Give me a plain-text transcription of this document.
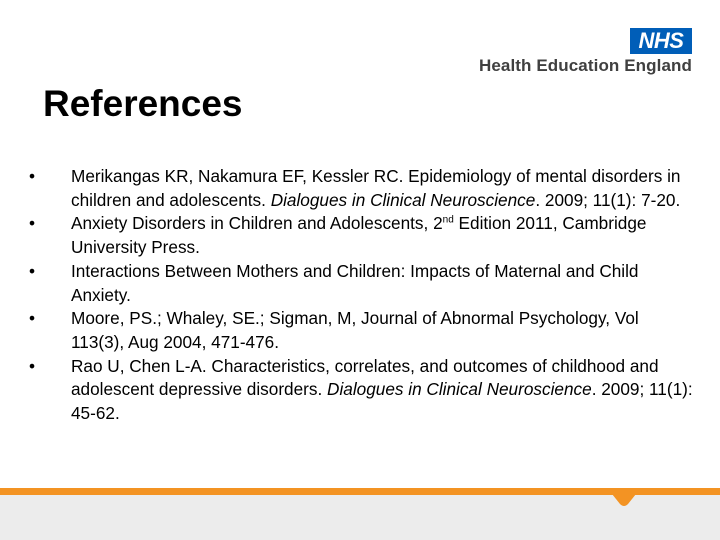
NHS
Health Education England
References
• Merikangas KR, Nakamura EF, Kessler RC. Epidemiology of mental disorders in children and adolescents. Dialogues in Clinical Neuroscience. 2009; 11(1): 7-20.
• Anxiety Disorders in Children and Adolescents, 2nd Edition 2011, Cambridge University Press.
• Interactions Between Mothers and Children: Impacts of Maternal and Child Anxiety.
• Moore, PS.; Whaley, SE.; Sigman, M, Journal of Abnormal Psychology, Vol 113(3), Aug 2004, 471-476.
• Rao U, Chen L-A. Characteristics, correlates, and outcomes of childhood and adolescent depressive disorders. Dialogues in Clinical Neuroscience. 2009; 11(1): 45-62.
